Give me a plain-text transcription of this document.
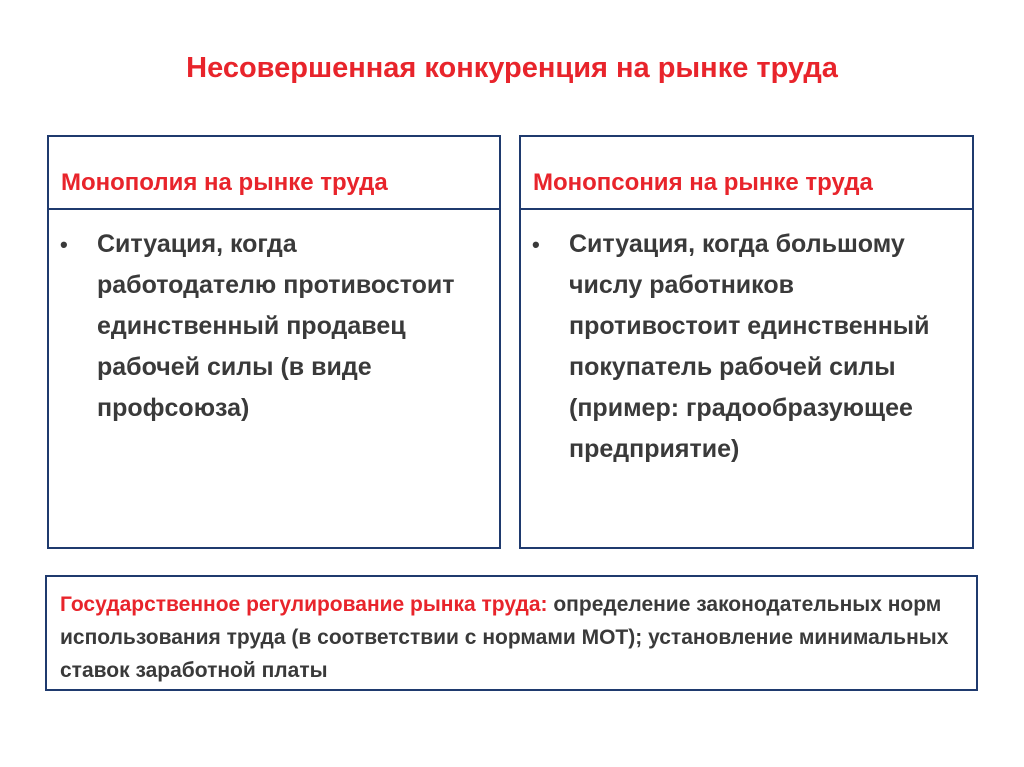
Несовершенная конкуренция на рынке труда
Монополия на рынке труда
• Ситуация, когда работодателю противостоит единственный продавец рабочей силы (в виде профсоюза)
Монопсония на рынке труда
• Ситуация, когда большому числу работников противостоит единственный покупатель рабочей силы (пример: градообразующее предприятие)
Государственное регулирование рынка труда: определение законодательных норм использования труда (в соответствии с нормами МОТ); установление минимальных ставок заработной платы
